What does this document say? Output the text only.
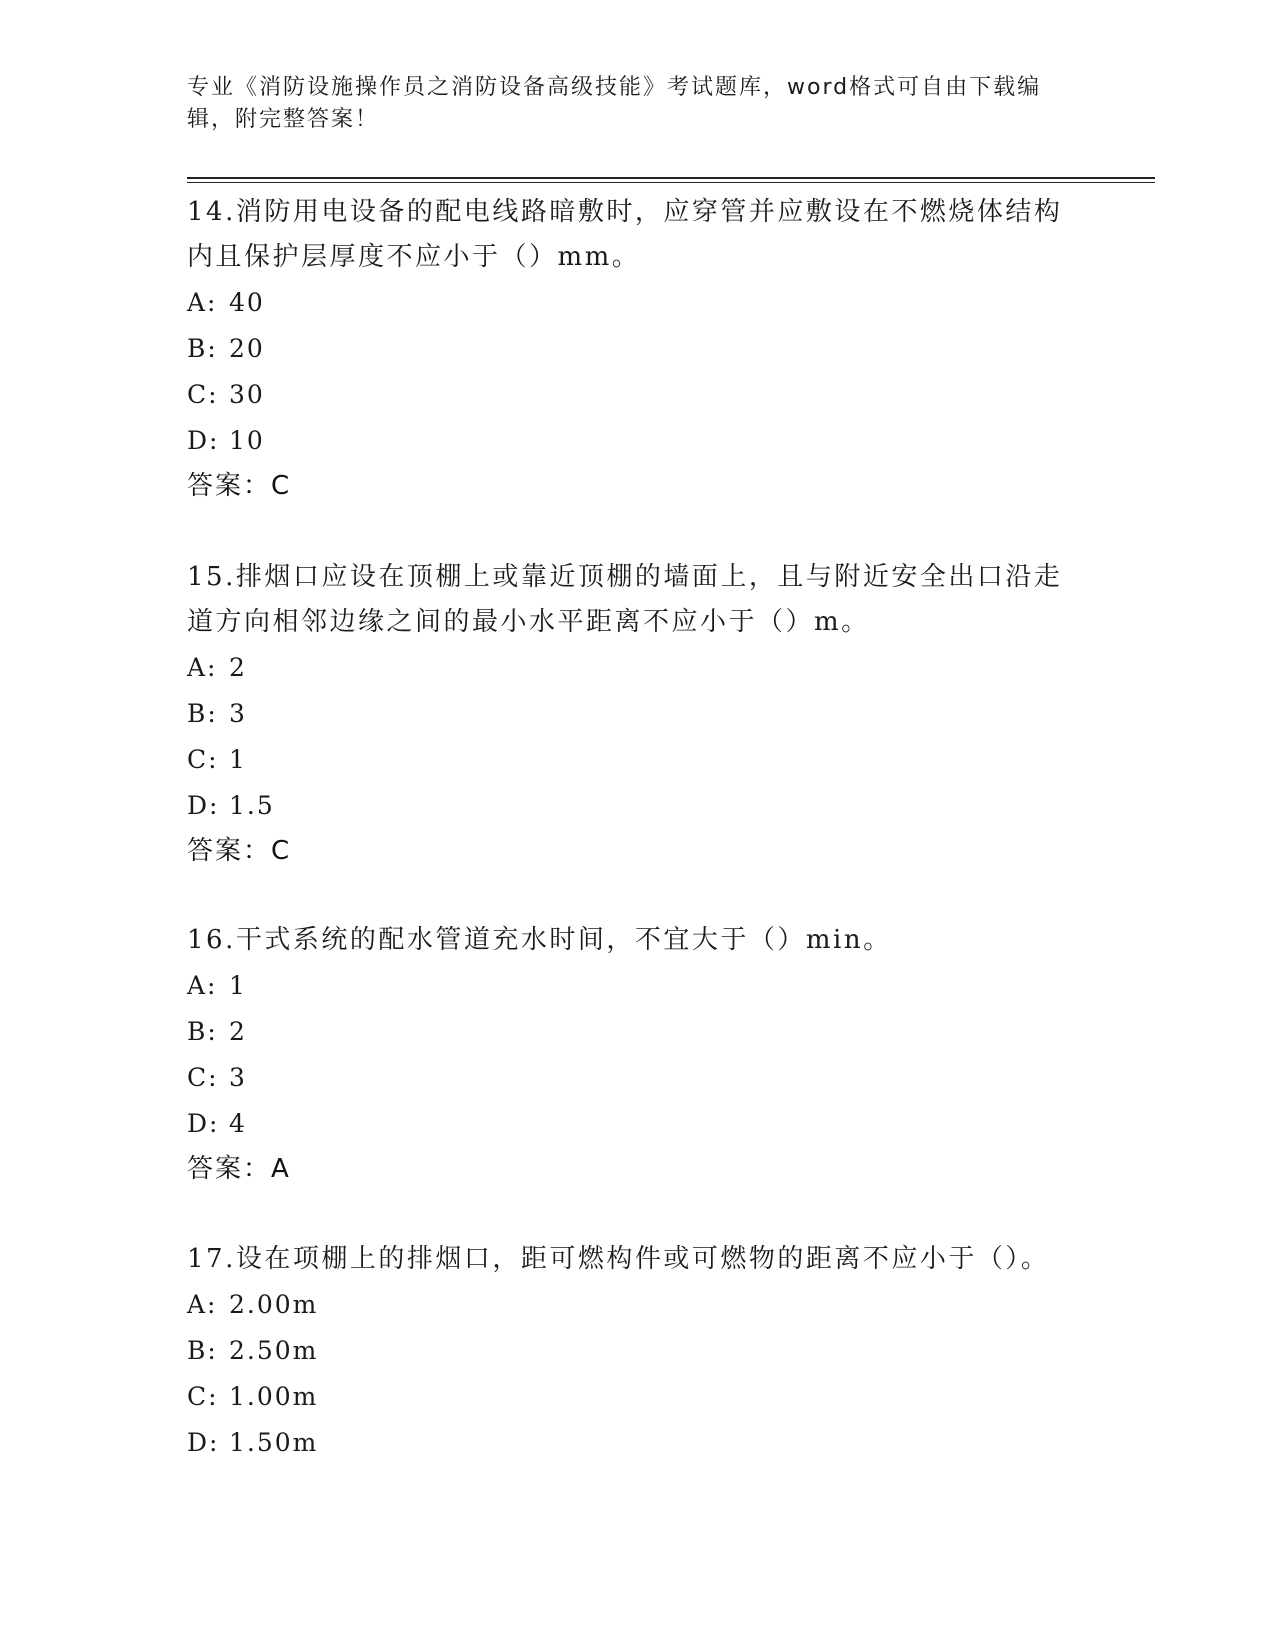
专业《消防设施操作员之消防设备高级技能》考试题库，word格式可自由下载编辑，附完整答案！

14.消防用电设备的配电线路暗敷时，应穿管并应敷设在不燃烧体结构内且保护层厚度不应小于（）mm。

A: 40

B: 20

C: 30

D: 10

答案：C

15.排烟口应设在顶棚上或靠近顶棚的墙面上，且与附近安全出口沿走道方向相邻边缘之间的最小水平距离不应小于（）m。

A: 2

B: 3

C: 1

D: 1.5

答案：C

16.干式系统的配水管道充水时间，不宜大于（）min。

A: 1

B: 2

C: 3

D: 4

答案：A

17.设在项棚上的排烟口，距可燃构件或可燃物的距离不应小于（）。

A: 2.00m

B: 2.50m

C: 1.00m

D: 1.50m
